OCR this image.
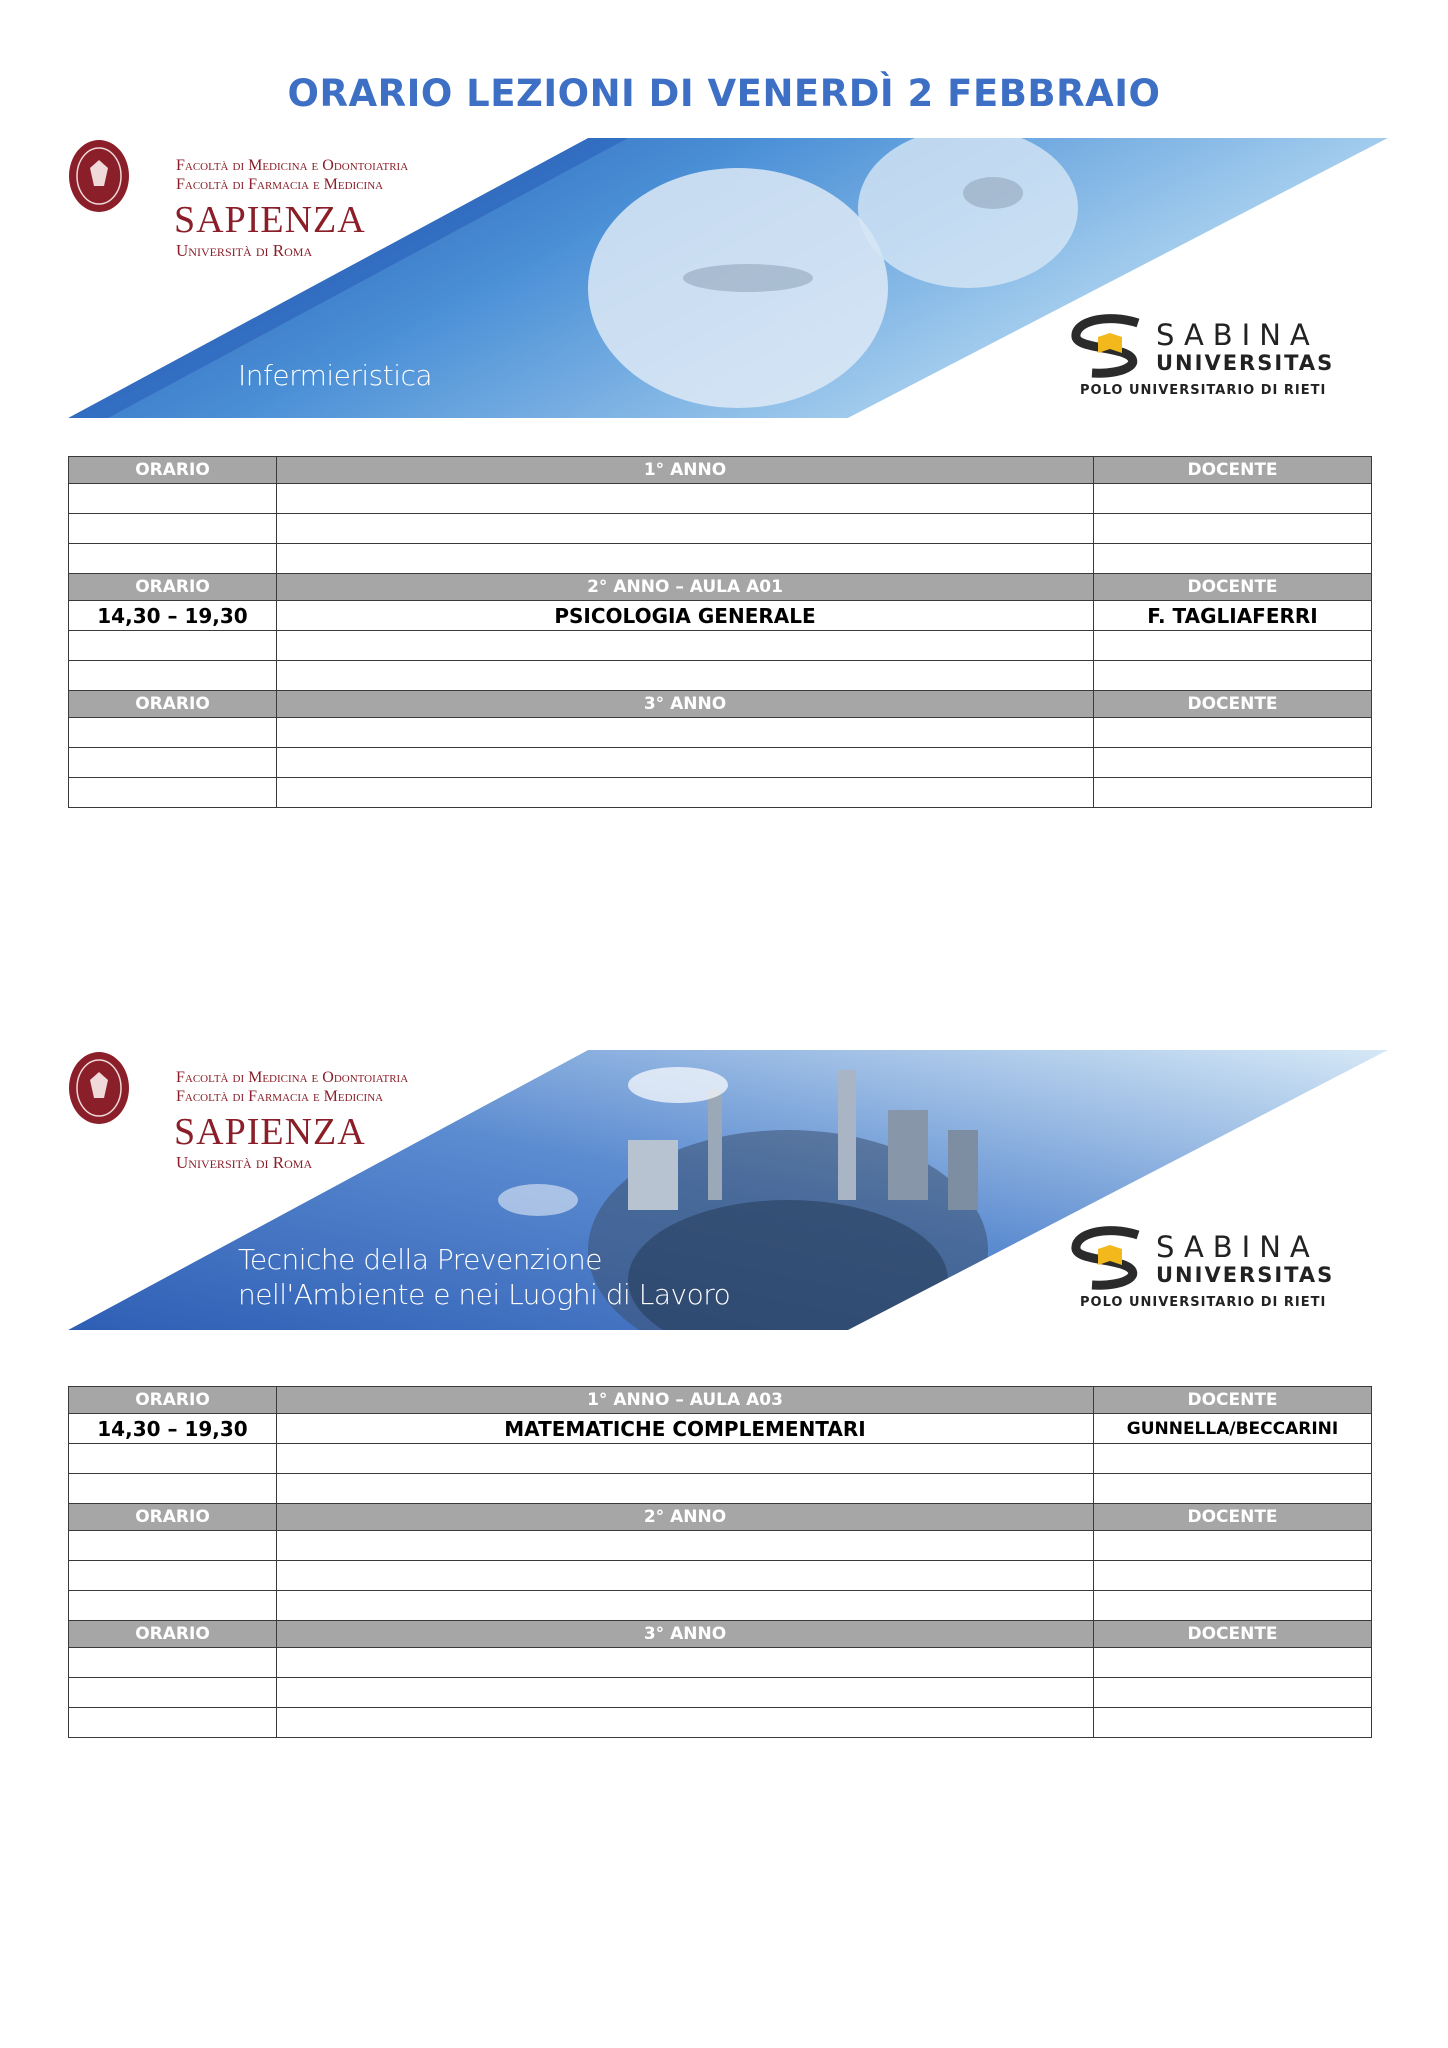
ORARIO LEZIONI DI VENERDÌ 2 FEBBRAIO
Facoltà di Medicina e Odontoiatria
Facoltà di Farmacia e Medicina
SAPIENZA
Università di Roma
Infermieristica
SABINA
UNIVERSITAS
POLO UNIVERSITARIO DI RIETI
ORARIO	1° ANNO	DOCENTE

ORARIO	2° ANNO – AULA A01	DOCENTE
14,30 – 19,30	PSICOLOGIA GENERALE	F. TAGLIAFERRI

ORARIO	3° ANNO	DOCENTE

Facoltà di Medicina e Odontoiatria
Facoltà di Farmacia e Medicina
SAPIENZA
Università di Roma
Tecniche della Prevenzione
nell'Ambiente e nei Luoghi di Lavoro
SABINA
UNIVERSITAS
POLO UNIVERSITARIO DI RIETI
ORARIO	1° ANNO – AULA A03	DOCENTE
14,30 – 19,30	MATEMATICHE COMPLEMENTARI	GUNNELLA/BECCARINI

ORARIO	2° ANNO	DOCENTE

ORARIO	3° ANNO	DOCENTE
